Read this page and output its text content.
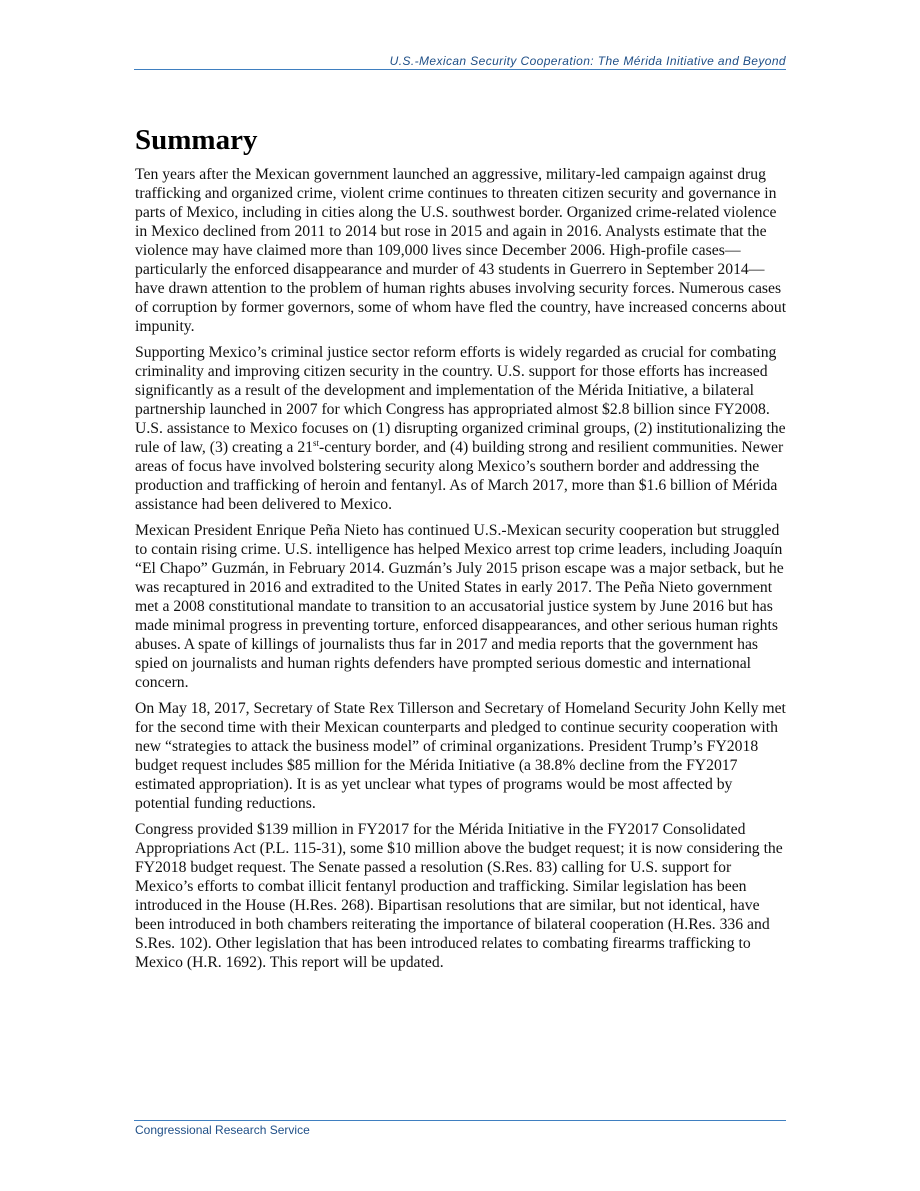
U.S.-Mexican Security Cooperation: The Mérida Initiative and Beyond
Summary

Ten years after the Mexican government launched an aggressive, military-led campaign against drug trafficking and organized crime, violent crime continues to threaten citizen security and governance in parts of Mexico, including in cities along the U.S. southwest border. Organized crime-related violence in Mexico declined from 2011 to 2014 but rose in 2015 and again in 2016. Analysts estimate that the violence may have claimed more than 109,000 lives since December 2006. High-profile cases—particularly the enforced disappearance and murder of 43 students in Guerrero in September 2014—have drawn attention to the problem of human rights abuses involving security forces. Numerous cases of corruption by former governors, some of whom have fled the country, have increased concerns about impunity.

Supporting Mexico’s criminal justice sector reform efforts is widely regarded as crucial for combating criminality and improving citizen security in the country. U.S. support for those efforts has increased significantly as a result of the development and implementation of the Mérida Initiative, a bilateral partnership launched in 2007 for which Congress has appropriated almost $2.8 billion since FY2008. U.S. assistance to Mexico focuses on (1) disrupting organized criminal groups, (2) institutionalizing the rule of law, (3) creating a 21st-century border, and (4) building strong and resilient communities. Newer areas of focus have involved bolstering security along Mexico’s southern border and addressing the production and trafficking of heroin and fentanyl. As of March 2017, more than $1.6 billion of Mérida assistance had been delivered to Mexico.

Mexican President Enrique Peña Nieto has continued U.S.-Mexican security cooperation but struggled to contain rising crime. U.S. intelligence has helped Mexico arrest top crime leaders, including Joaquín “El Chapo” Guzmán, in February 2014. Guzmán’s July 2015 prison escape was a major setback, but he was recaptured in 2016 and extradited to the United States in early 2017. The Peña Nieto government met a 2008 constitutional mandate to transition to an accusatorial justice system by June 2016 but has made minimal progress in preventing torture, enforced disappearances, and other serious human rights abuses. A spate of killings of journalists thus far in 2017 and media reports that the government has spied on journalists and human rights defenders have prompted serious domestic and international concern.

On May 18, 2017, Secretary of State Rex Tillerson and Secretary of Homeland Security John Kelly met for the second time with their Mexican counterparts and pledged to continue security cooperation with new “strategies to attack the business model” of criminal organizations. President Trump’s FY2018 budget request includes $85 million for the Mérida Initiative (a 38.8% decline from the FY2017 estimated appropriation). It is as yet unclear what types of programs would be most affected by potential funding reductions.

Congress provided $139 million in FY2017 for the Mérida Initiative in the FY2017 Consolidated Appropriations Act (P.L. 115-31), some $10 million above the budget request; it is now considering the FY2018 budget request. The Senate passed a resolution (S.Res. 83) calling for U.S. support for Mexico’s efforts to combat illicit fentanyl production and trafficking. Similar legislation has been introduced in the House (H.Res. 268). Bipartisan resolutions that are similar, but not identical, have been introduced in both chambers reiterating the importance of bilateral cooperation (H.Res. 336 and S.Res. 102). Other legislation that has been introduced relates to combating firearms trafficking to Mexico (H.R. 1692). This report will be updated.

Congressional Research Service
